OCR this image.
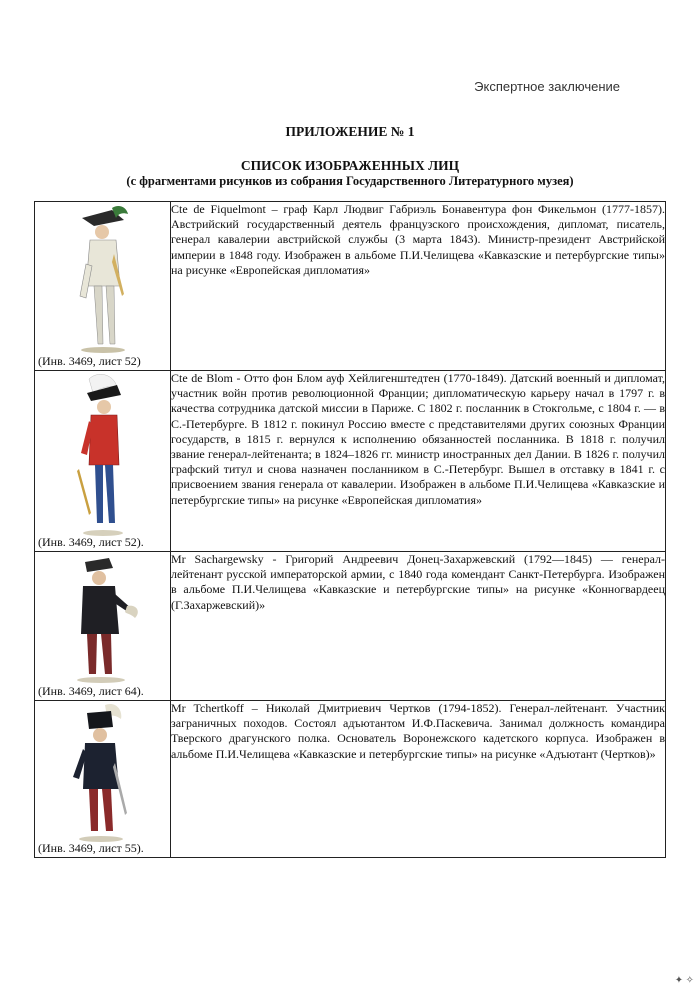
Экспертное заключение
ПРИЛОЖЕНИЕ № 1
СПИСОК ИЗОБРАЖЕННЫХ ЛИЦ
(с фрагментами рисунков из собрания Государственного Литературного музея)
(Инв. 3469, лист 52)	Cte de Fiquelmont – граф Карл Людвиг Габриэль Бонавентура фон Фикельмон (1777-1857). Австрийский государственный деятель французского происхождения, дипломат, писатель, генерал кавалерии австрийской службы (3 марта 1843). Министр-президент Австрийской империи в 1848 году. Изображен в альбоме П.И.Челищева «Кавказские и петербургские типы» на рисунке «Европейская дипломатия»

(Инв. 3469, лист 52).	Cte de Blom - Отто фон Блом ауф Хейлигенштедтен (1770-1849). Датский военный и дипломат, участник войн против революционной Франции; дипломатическую карьеру начал в 1797 г. в качества сотрудника датской миссии в Париже. С 1802 г. посланник в Стокгольме, с 1804 г. — в С.-Петербурге. В 1812 г. покинул Россию вместе с представителями других союзных Франции государств, в 1815 г. вернулся к исполнению обязанностей посланника. В 1818 г. получил звание генерал-лейтенанта; в 1824–1826 гг. министр иностранных дел Дании. В 1826 г. получил графский титул и снова назначен посланником в С.-Петербург. Вышел в отставку в 1841 г. с присвоением звания генерала от кавалерии. Изображен в альбоме П.И.Челищева «Кавказские и петербургские типы» на рисунке «Европейская дипломатия»

(Инв. 3469, лист 64).	Mr Sachargewsky - Григорий Андреевич Донец-Захаржевский (1792—1845) — генерал-лейтенант русской императорской армии, с 1840 года комендант Санкт-Петербурга. Изображен в альбоме П.И.Челищева «Кавказские и петербургские типы» на рисунке «Конногвардеец (Г.Захаржевский)»

(Инв. 3469, лист 55).	Mr Tchertkoff – Николай Дмитриевич Чертков (1794-1852). Генерал-лейтенант. Участник заграничных походов. Состоял адъютантом И.Ф.Паскевича. Занимал должность командира Тверского драгунского полка. Основатель Воронежского кадетского корпуса. Изображен в альбоме П.И.Челищева «Кавказские и петербургские типы» на рисунке «Адъютант (Чертков)»
✦ ✧
